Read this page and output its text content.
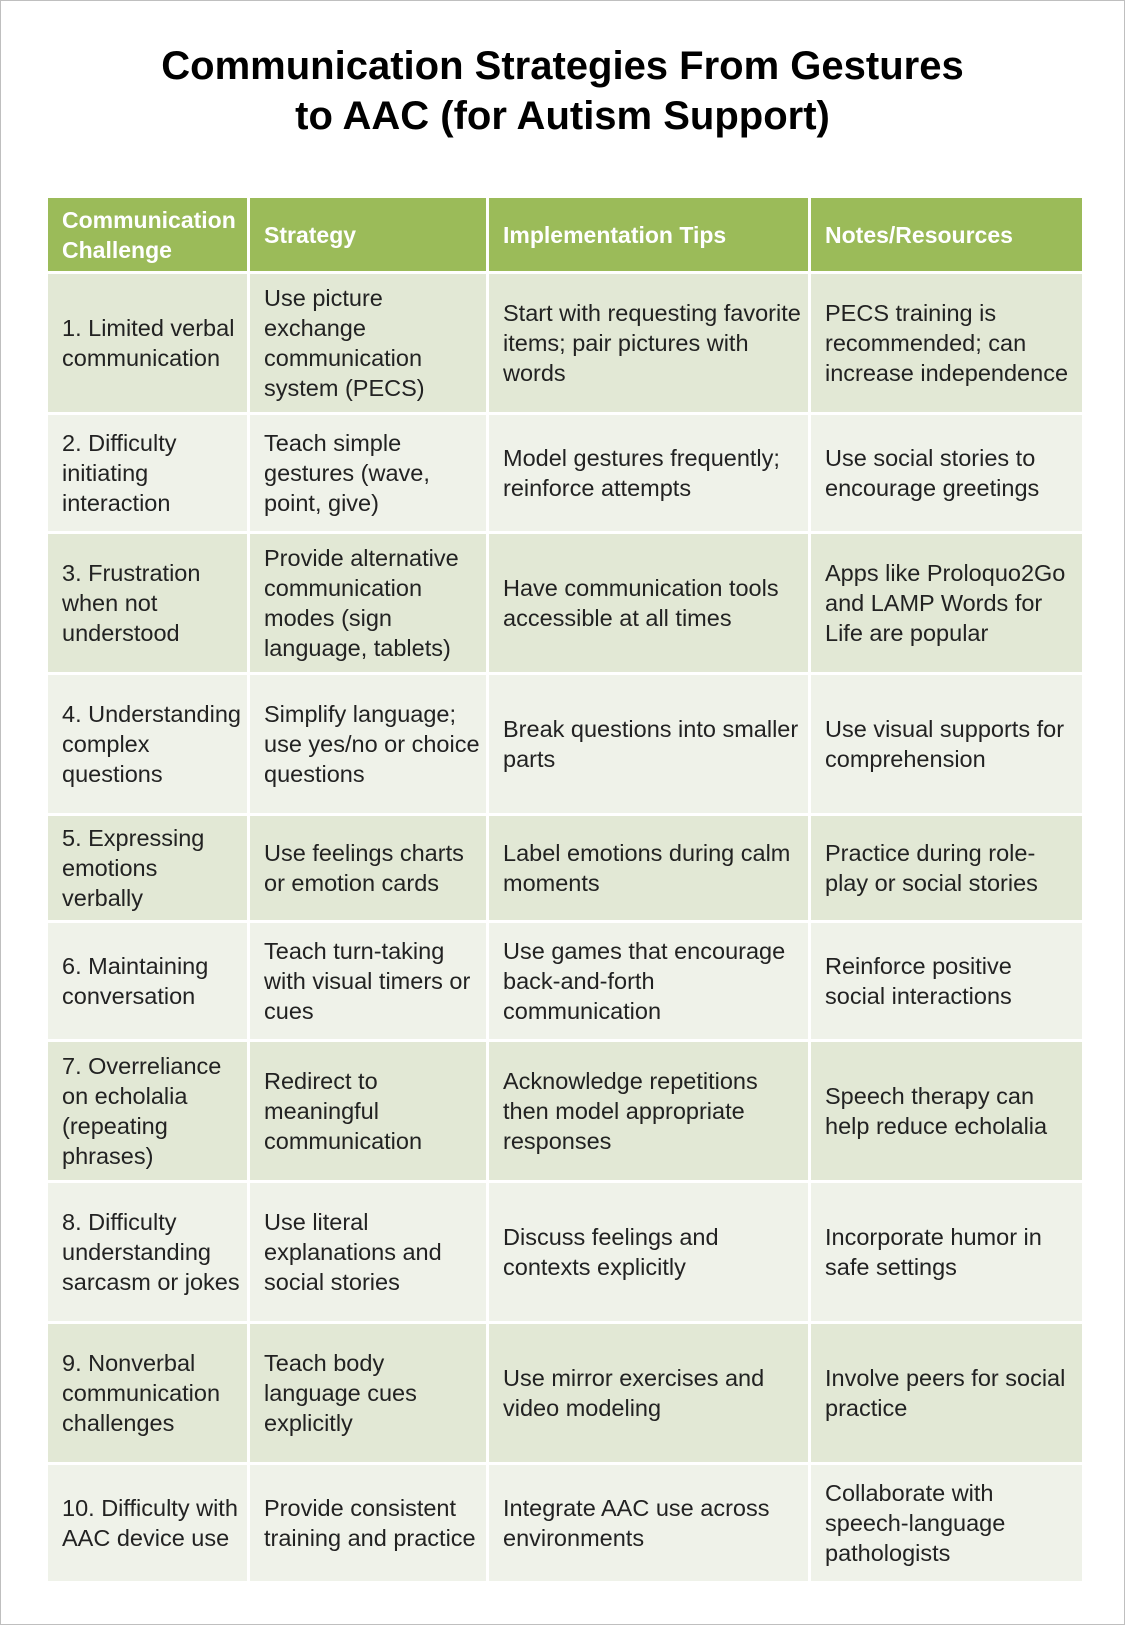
Communication Strategies From Gestures
to AAC (for Autism Support)
Communication Challenge	Strategy	Implementation Tips	Notes/Resources
1. Limited verbal communication	Use picture exchange communication system (PECS)	Start with requesting favorite items; pair pictures with words	PECS training is recommended; can increase independence
2. Difficulty initiating interaction	Teach simple gestures (wave, point, give)	Model gestures frequently; reinforce attempts	Use social stories to encourage greetings
3. Frustration when not understood	Provide alternative communication modes (sign language, tablets)	Have communication tools accessible at all times	Apps like Proloquo2Go and LAMP Words for Life are popular
4. Understanding complex questions	Simplify language; use yes/no or choice questions	Break questions into smaller parts	Use visual supports for comprehension
5. Expressing emotions verbally	Use feelings charts or emotion cards	Label emotions during calm moments	Practice during role-play or social stories
6. Maintaining conversation	Teach turn-taking with visual timers or cues	Use games that encourage back-and-forth communication	Reinforce positive social interactions
7. Overreliance on echolalia (repeating phrases)	Redirect to meaningful communication	Acknowledge repetitions then model appropriate responses	Speech therapy can help reduce echolalia
8. Difficulty understanding sarcasm or jokes	Use literal explanations and social stories	Discuss feelings and contexts explicitly	Incorporate humor in safe settings
9. Nonverbal communication challenges	Teach body language cues explicitly	Use mirror exercises and video modeling	Involve peers for social practice
10. Difficulty with AAC device use	Provide consistent training and practice	Integrate AAC use across environments	Collaborate with speech-language pathologists
